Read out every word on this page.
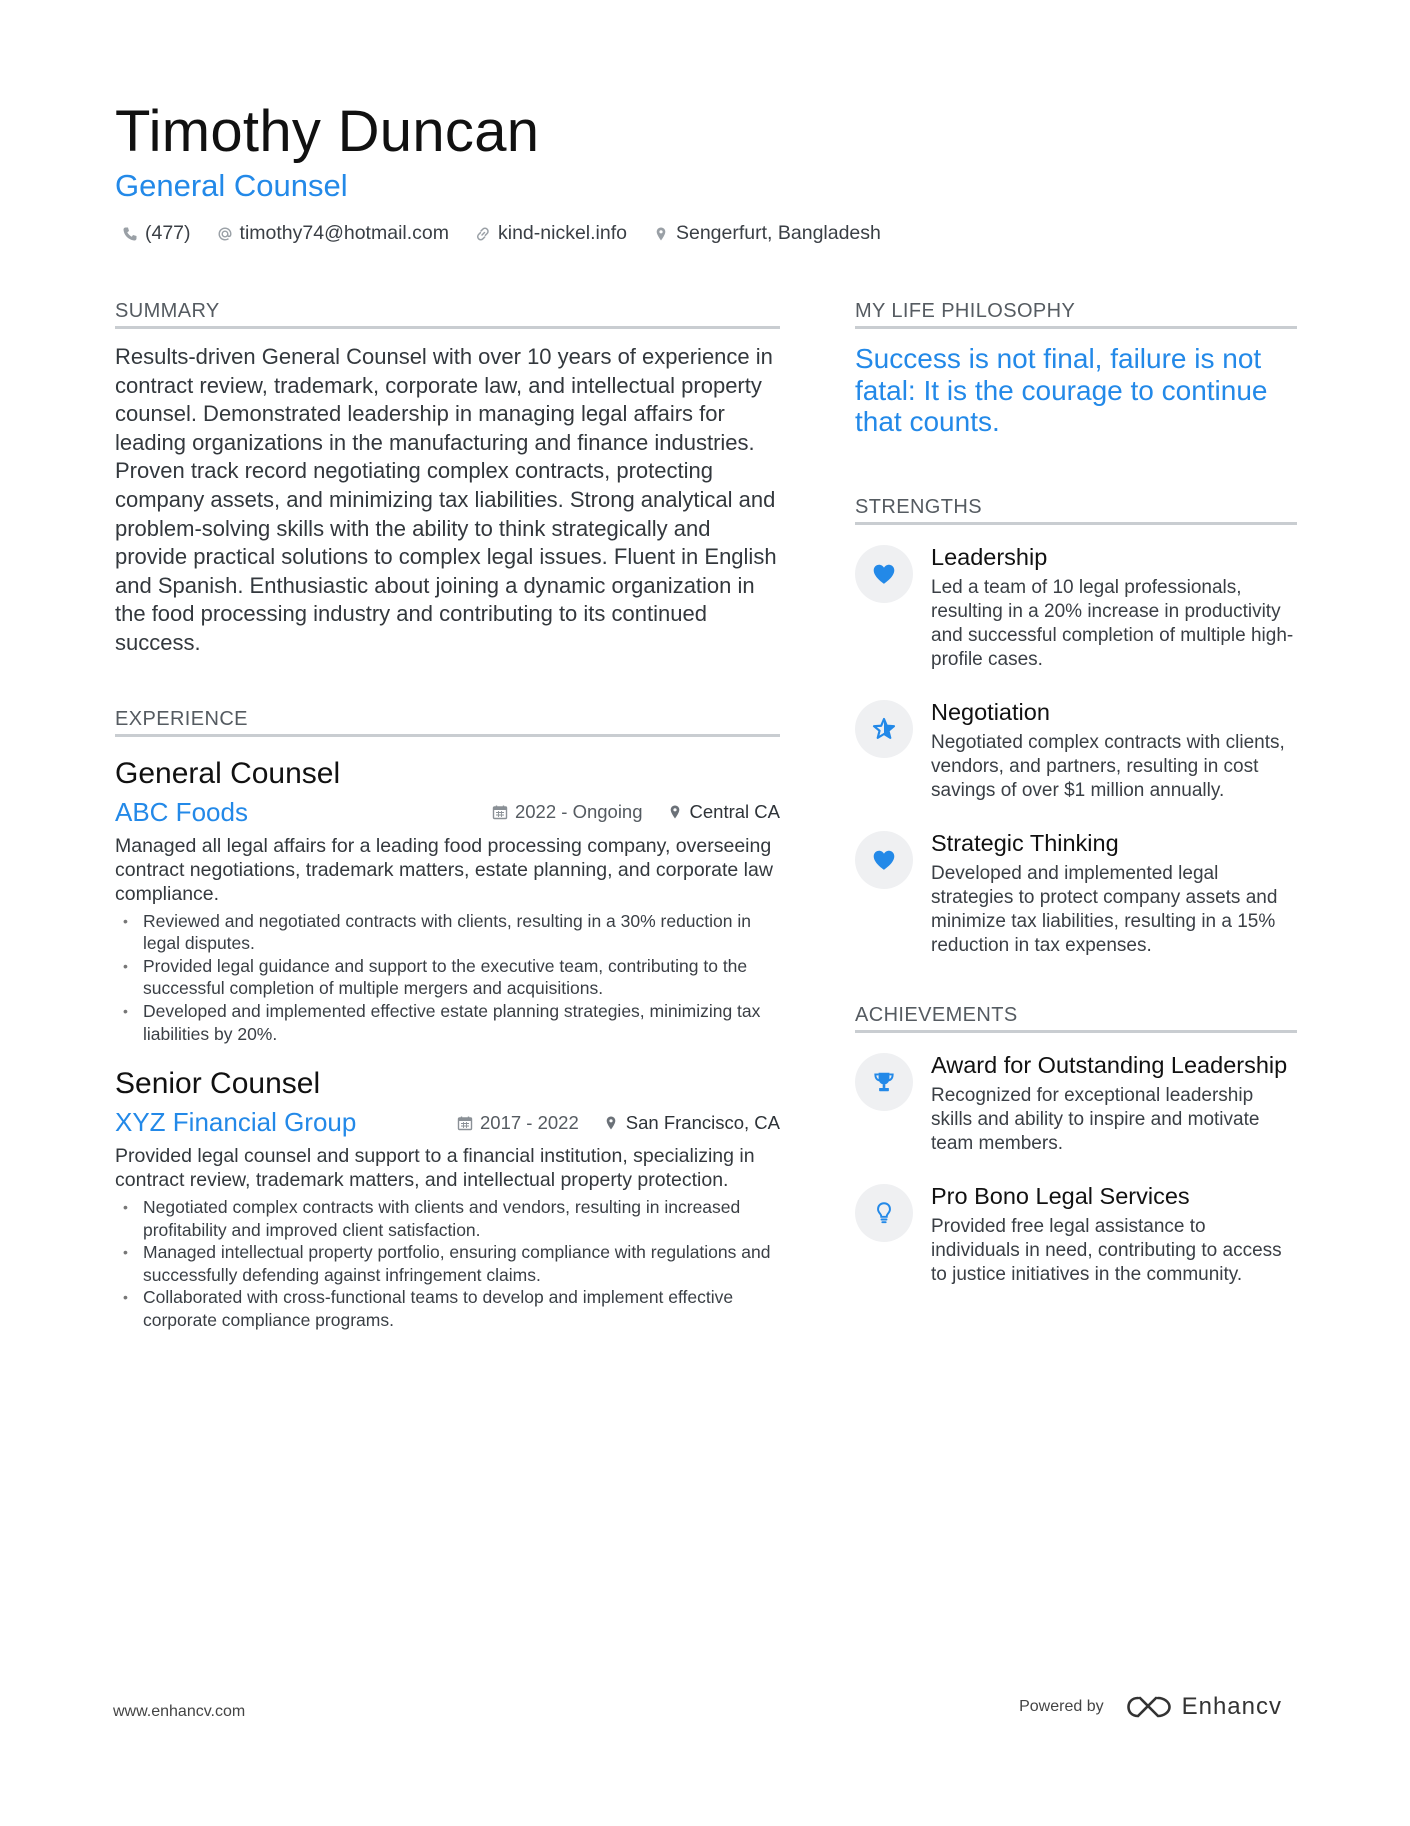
Timothy Duncan
General Counsel
(477)	timothy74@hotmail.com	kind-nickel.info	Sengerfurt, Bangladesh
SUMMARY

Results-driven General Counsel with over 10 years of experience in contract review, trademark, corporate law, and intellectual property counsel. Demonstrated leadership in managing legal affairs for leading organizations in the manufacturing and finance industries. Proven track record negotiating complex contracts, protecting company assets, and minimizing tax liabilities. Strong analytical and problem-solving skills with the ability to think strategically and provide practical solutions to complex legal issues. Fluent in English and Spanish. Enthusiastic about joining a dynamic organization in the food processing industry and contributing to its continued success.

EXPERIENCE
General Counsel
ABC Foods	2022 - Ongoing	Central CA

Managed all legal affairs for a leading food processing company, overseeing contract negotiations, trademark matters, estate planning, and corporate law compliance.

• Reviewed and negotiated contracts with clients, resulting in a 30% reduction in legal disputes.
• Provided legal guidance and support to the executive team, contributing to the successful completion of multiple mergers and acquisitions.
• Developed and implemented effective estate planning strategies, minimizing tax liabilities by 20%.
Senior Counsel
XYZ Financial Group	2017 - 2022	San Francisco, CA

Provided legal counsel and support to a financial institution, specializing in contract review, trademark matters, and intellectual property protection.

• Negotiated complex contracts with clients and vendors, resulting in increased profitability and improved client satisfaction.
• Managed intellectual property portfolio, ensuring compliance with regulations and successfully defending against infringement claims.
• Collaborated with cross-functional teams to develop and implement effective corporate compliance programs.
MY LIFE PHILOSOPHY

Success is not final, failure is not fatal: It is the courage to continue that counts.

STRENGTHS

Leadership

Led a team of 10 legal professionals, resulting in a 20% increase in productivity and successful completion of multiple high-profile cases.

Negotiation

Negotiated complex contracts with clients, vendors, and partners, resulting in cost savings of over $1 million annually.

Strategic Thinking

Developed and implemented legal strategies to protect company assets and minimize tax liabilities, resulting in a 15% reduction in tax expenses.

ACHIEVEMENTS

Award for Outstanding Leadership

Recognized for exceptional leadership skills and ability to inspire and motivate team members.

Pro Bono Legal Services

Provided free legal assistance to individuals in need, contributing to access to justice initiatives in the community.

www.enhancv.com	Powered by	Enhancv
